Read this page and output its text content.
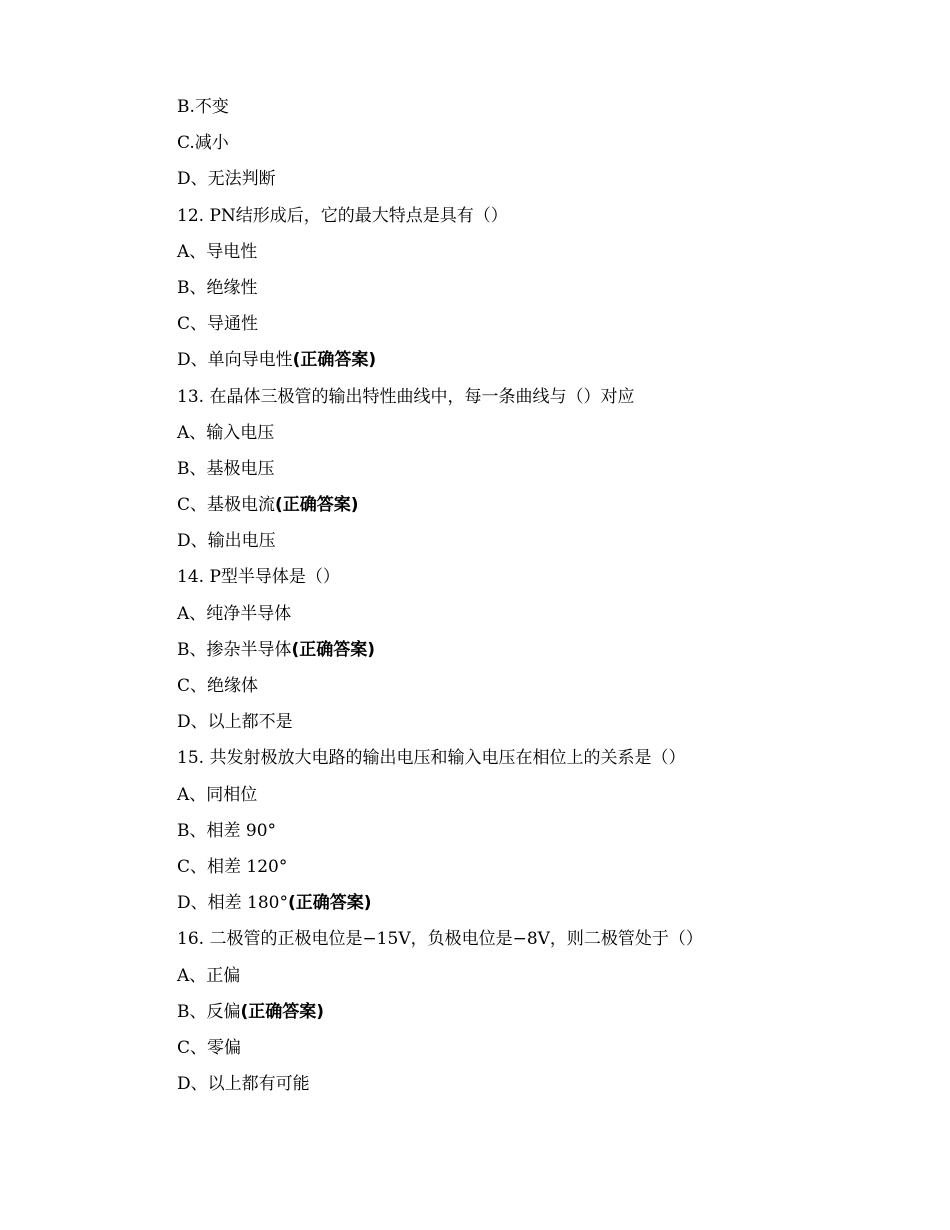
B.不变
C.减小
D、无法判断
12. PN结形成后，它的最大特点是具有（）
A、导电性
B、绝缘性
C、导通性
D、单向导电性(正确答案)
13. 在晶体三极管的输出特性曲线中，每一条曲线与（）对应
A、输入电压
B、基极电压
C、基极电流(正确答案)
D、输出电压
14. P型半导体是（）
A、纯净半导体
B、掺杂半导体(正确答案)
C、绝缘体
D、以上都不是
15. 共发射极放大电路的输出电压和输入电压在相位上的关系是（）
A、同相位
B、相差 90°
C、相差 120°
D、相差 180°(正确答案)
16. 二极管的正极电位是−15V，负极电位是−8V，则二极管处于（）
A、正偏
B、反偏(正确答案)
C、零偏
D、以上都有可能
